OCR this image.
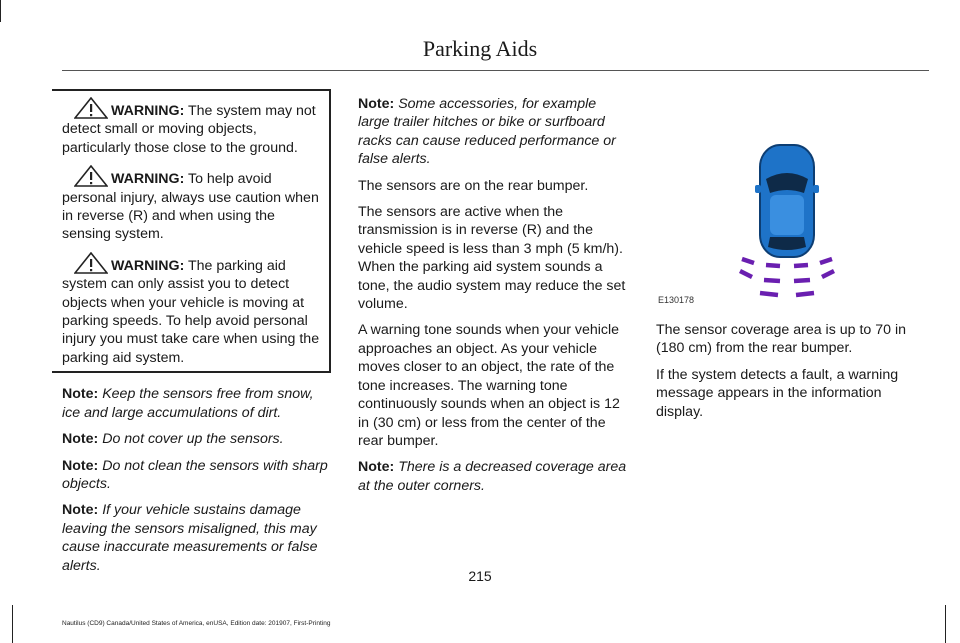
Parking Aids
WARNING: The system may not detect small or moving objects, particularly those close to the ground.
WARNING: To help avoid personal injury, always use caution when in reverse (R) and when using the sensing system.
WARNING: The parking aid system can only assist you to detect objects when your vehicle is moving at parking speeds. To help avoid personal injury you must take care when using the parking aid system.

Note: Keep the sensors free from snow, ice and large accumulations of dirt.

Note: Do not cover up the sensors.

Note: Do not clean the sensors with sharp objects.

Note: If your vehicle sustains damage leaving the sensors misaligned, this may cause inaccurate measurements or false alerts.

Note: Some accessories, for example large trailer hitches or bike or surfboard racks can cause reduced performance or false alerts.

The sensors are on the rear bumper.

The sensors are active when the transmission is in reverse (R) and the vehicle speed is less than 3 mph (5 km/h). When the parking aid system sounds a tone, the audio system may reduce the set volume.

A warning tone sounds when your vehicle approaches an object. As your vehicle moves closer to an object, the rate of the tone increases. The warning tone continuously sounds when an object is 12 in (30 cm) or less from the center of the rear bumper.

Note: There is a decreased coverage area at the outer corners.

E130178

The sensor coverage area is up to 70 in (180 cm) from the rear bumper.

If the system detects a fault, a warning message appears in the information display.

215
Nautilus (CD9) Canada/United States of America, enUSA, Edition date: 201907, First-Printing
